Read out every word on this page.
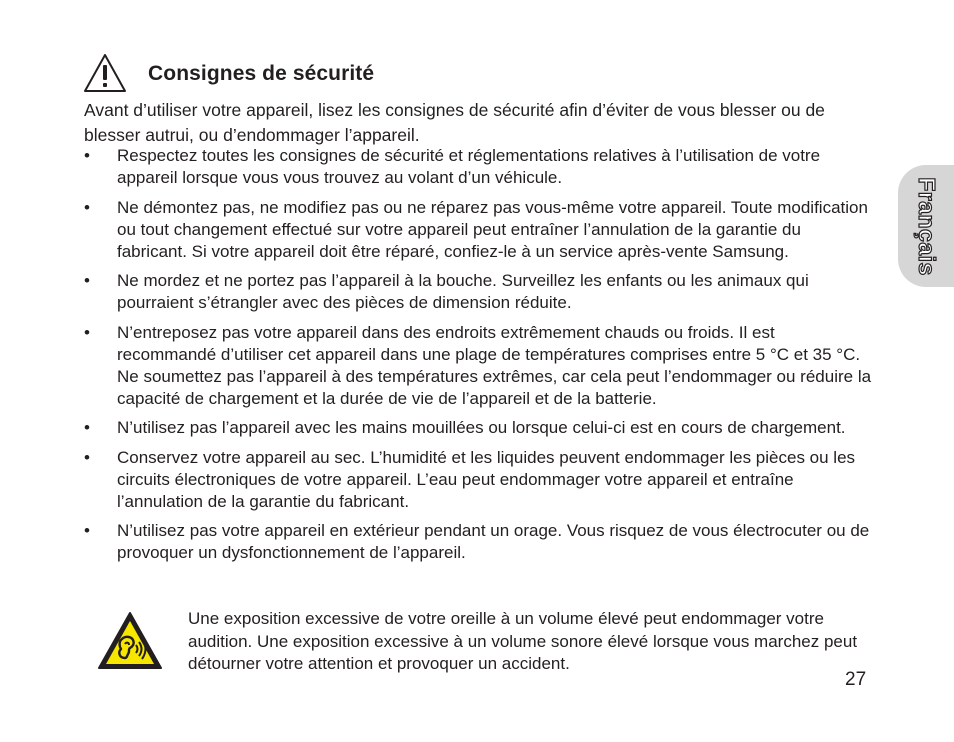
Consignes de sécurité

Avant d’utiliser votre appareil, lisez les consignes de sécurité afin d’éviter de vous blesser ou de blesser autrui, ou d’endommager l’appareil.

• Respectez toutes les consignes de sécurité et réglementations relatives à l’utilisation de votre appareil lorsque vous vous trouvez au volant d’un véhicule.
• Ne démontez pas, ne modifiez pas ou ne réparez pas vous-même votre appareil. Toute modification ou tout changement effectué sur votre appareil peut entraîner l’annulation de la garantie du fabricant. Si votre appareil doit être réparé, confiez-le à un service après-vente Samsung.
• Ne mordez et ne portez pas l’appareil à la bouche. Surveillez les enfants ou les animaux qui pourraient s’étrangler avec des pièces de dimension réduite.
• N’entreposez pas votre appareil dans des endroits extrêmement chauds ou froids. Il est recommandé d’utiliser cet appareil dans une plage de températures comprises entre 5 °C et 35 °C. Ne soumettez pas l’appareil à des températures extrêmes, car cela peut l’endommager ou réduire la capacité de chargement et la durée de vie de l’appareil et de la batterie.
• N’utilisez pas l’appareil avec les mains mouillées ou lorsque celui-ci est en cours de chargement.
• Conservez votre appareil au sec. L’humidité et les liquides peuvent endommager les pièces ou les circuits électroniques de votre appareil. L’eau peut endommager votre appareil et entraîne l’annulation de la garantie du fabricant.
• N’utilisez pas votre appareil en extérieur pendant un orage. Vous risquez de vous électrocuter ou de provoquer un dysfonctionnement de l’appareil.

Une exposition excessive de votre oreille à un volume élevé peut endommager votre audition. Une exposition excessive à un volume sonore élevé lorsque vous marchez peut détourner votre attention et provoquer un accident.

Français

27
